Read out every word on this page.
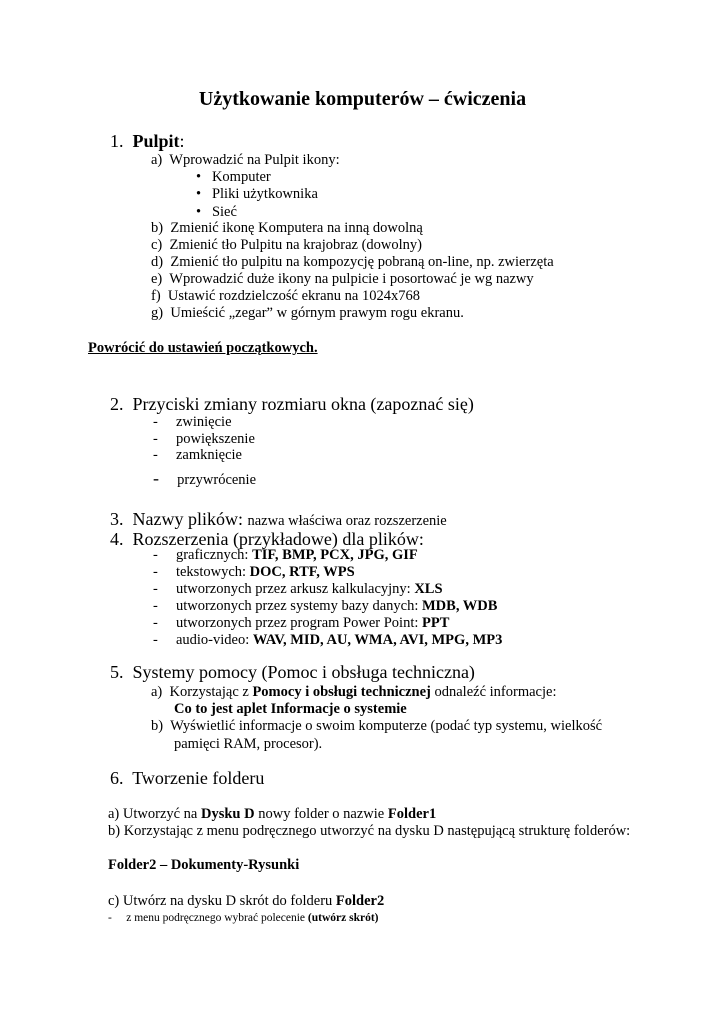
Użytkowanie komputerów – ćwiczenia
1. Pulpit:
a) Wprowadzić na Pulpit ikony:
• Komputer
• Pliki użytkownika
• Sieć
b) Zmienić ikonę Komputera na inną dowolną
c) Zmienić tło Pulpitu na krajobraz (dowolny)
d) Zmienić tło pulpitu na kompozycję pobraną on-line, np. zwierzęta
e) Wprowadzić duże ikony na pulpicie i posortować je wg nazwy
f) Ustawić rozdzielczość ekranu na 1024x768
g) Umieścić „zegar” w górnym prawym rogu ekranu.
Powrócić do ustawień początkowych.
2. Przyciski zmiany rozmiaru okna (zapoznać się)
- zwinięcie
- powiększenie
- zamknięcie
- przywrócenie
3. Nazwy plików: nazwa właściwa oraz rozszerzenie
4. Rozszerzenia (przykładowe) dla plików:
- graficznych: TIF, BMP, PCX, JPG, GIF
- tekstowych: DOC, RTF, WPS
- utworzonych przez arkusz kalkulacyjny: XLS
- utworzonych przez systemy bazy danych: MDB, WDB
- utworzonych przez program Power Point: PPT
- audio-video: WAV, MID, AU, WMA, AVI, MPG, MP3
5. Systemy pomocy (Pomoc i obsługa techniczna)
a) Korzystając z Pomocy i obsługi technicznej odnaleźć informacje:
Co to jest aplet Informacje o systemie
b) Wyświetlić informacje o swoim komputerze (podać typ systemu, wielkość
pamięci RAM, procesor).
6. Tworzenie folderu
a) Utworzyć na Dysku D nowy folder o nazwie Folder1
b) Korzystając z menu podręcznego utworzyć na dysku D następującą strukturę folderów:
Folder2 – Dokumenty-Rysunki
c) Utwórz na dysku D skrót do folderu Folder2
- z menu podręcznego wybrać polecenie (utwórz skrót)
